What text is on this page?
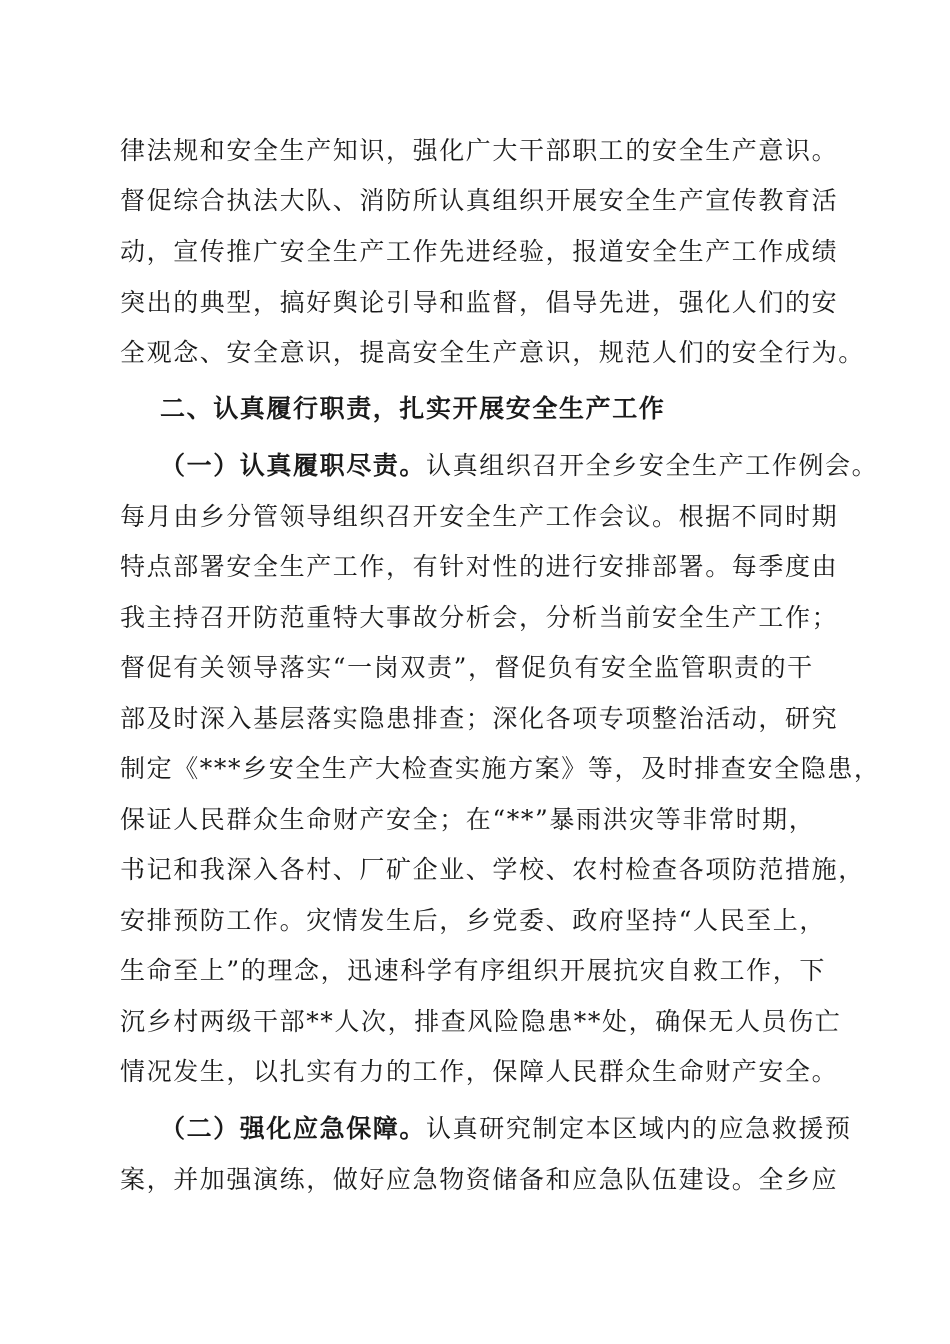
律法规和安全生产知识，强化广大干部职工的安全生产意识。
督促综合执法大队、消防所认真组织开展安全生产宣传教育活
动，宣传推广安全生产工作先进经验，报道安全生产工作成绩
突出的典型，搞好舆论引导和监督，倡导先进，强化人们的安
全观念、安全意识，提高安全生产意识，规范人们的安全行为。
二、认真履行职责，扎实开展安全生产工作
（一）认真履职尽责。认真组织召开全乡安全生产工作例会。
每月由乡分管领导组织召开安全生产工作会议。根据不同时期
特点部署安全生产工作，有针对性的进行安排部署。每季度由
我主持召开防范重特大事故分析会，分析当前安全生产工作；
督促有关领导落实“一岗双责”，督促负有安全监管职责的干
部及时深入基层落实隐患排查；深化各项专项整治活动，研究
制定《***乡安全生产大检查实施方案》等，及时排查安全隐患，
保证人民群众生命财产安全；在“**”暴雨洪灾等非常时期，
书记和我深入各村、厂矿企业、学校、农村检查各项防范措施，
安排预防工作。灾情发生后，乡党委、政府坚持“人民至上，
生命至上”的理念，迅速科学有序组织开展抗灾自救工作，下
沉乡村两级干部**人次，排查风险隐患**处，确保无人员伤亡
情况发生，以扎实有力的工作，保障人民群众生命财产安全。
（二）强化应急保障。认真研究制定本区域内的应急救援预
案，并加强演练，做好应急物资储备和应急队伍建设。全乡应
